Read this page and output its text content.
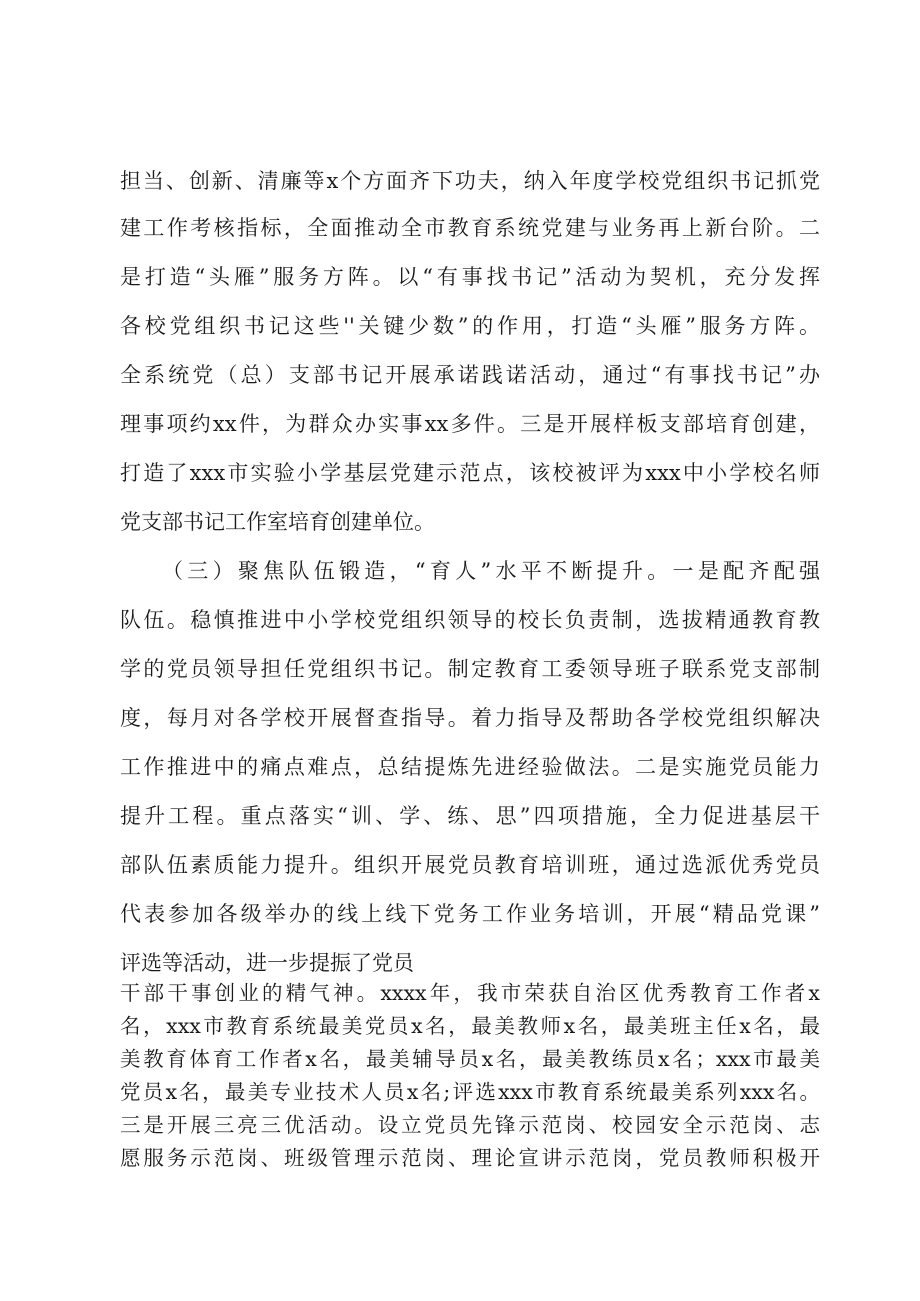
担当、创新、清廉等x个方面齐下功夫，纳入年度学校党组织书记抓党
建工作考核指标，全面推动全市教育系统党建与业务再上新台阶。二
是打造“头雁”服务方阵。以“有事找书记”活动为契机，充分发挥
各校党组织书记这些''关键少数”的作用，打造“头雁”服务方阵。
全系统党（总）支部书记开展承诺践诺活动，通过“有事找书记”办
理事项约xx件，为群众办实事xx多件。三是开展样板支部培育创建，
打造了xxx市实验小学基层党建示范点，该校被评为xxx中小学校名师
党支部书记工作室培育创建单位。
（三）聚焦队伍锻造，“育人”水平不断提升。一是配齐配强
队伍。稳慎推进中小学校党组织领导的校长负责制，选拔精通教育教
学的党员领导担任党组织书记。制定教育工委领导班子联系党支部制
度，每月对各学校开展督查指导。着力指导及帮助各学校党组织解决
工作推进中的痛点难点，总结提炼先进经验做法。二是实施党员能力
提升工程。重点落实“训、学、练、思”四项措施，全力促进基层干
部队伍素质能力提升。组织开展党员教育培训班，通过选派优秀党员
代表参加各级举办的线上线下党务工作业务培训，开展“精品党课”
评选等活动，进一步提振了党员
干部干事创业的精气神。xxxx年，我市荣获自治区优秀教育工作者x
名，xxx市教育系统最美党员x名，最美教师x名，最美班主任x名，最
美教育体育工作者x名，最美辅导员x名，最美教练员x名；xxx市最美
党员x名，最美专业技术人员x名;评选xxx市教育系统最美系列xxx名。
三是开展三亮三优活动。设立党员先锋示范岗、校园安全示范岗、志
愿服务示范岗、班级管理示范岗、理论宣讲示范岗，党员教师积极开
